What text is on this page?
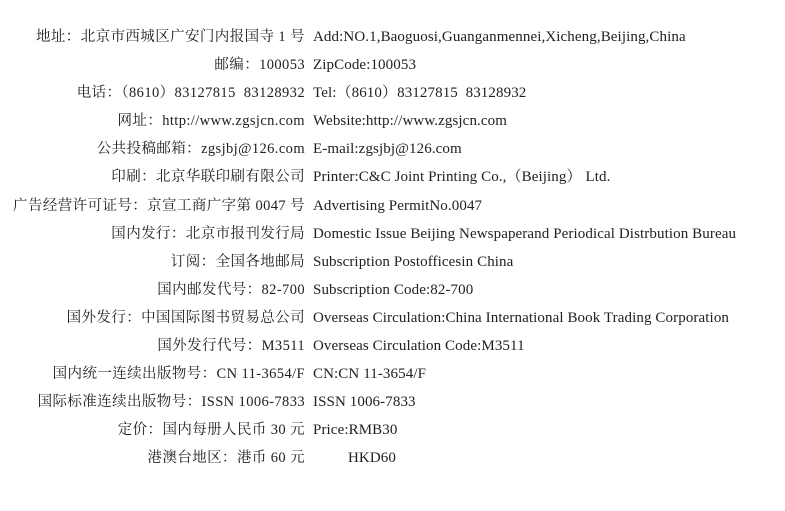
地址：北京市西城区广安门内报国寺 1 号 Add:NO.1,Baoguosi,Guanganmennei,Xicheng,Beijing,China
邮编：100053 ZipCode:100053
电话：（8610）83127815  83128932 Tel:（8610）83127815  83128932
网址：http://www.zgsjcn.com Website:http://www.zgsjcn.com
公共投稿邮箱：zgsjbj@126.com E-mail:zgsjbj@126.com
印刷：北京华联印刷有限公司 Printer:C&C Joint Printing Co.,（Beijing） Ltd.
广告经营许可证号：京宣工商广字第 0047 号 Advertising PermitNo.0047
国内发行：北京市报刊发行局 Domestic Issue Beijing Newspaperand Periodical Distrbution Bureau
订阅：全国各地邮局 Subscription Postofficesin China
国内邮发代号：82-700 Subscription Code:82-700
国外发行：中国国际图书贸易总公司 Overseas Circulation:China International Book Trading Corporation
国外发行代号：M3511 Overseas Circulation Code:M3511
国内统一连续出版物号：CN 11-3654/F CN:CN 11-3654/F
国际标准连续出版物号：ISSN 1006-7833 ISSN 1006-7833
定价：国内每册人民币 30 元 Price:RMB30
港澳台地区：港币 60 元	HKD60
